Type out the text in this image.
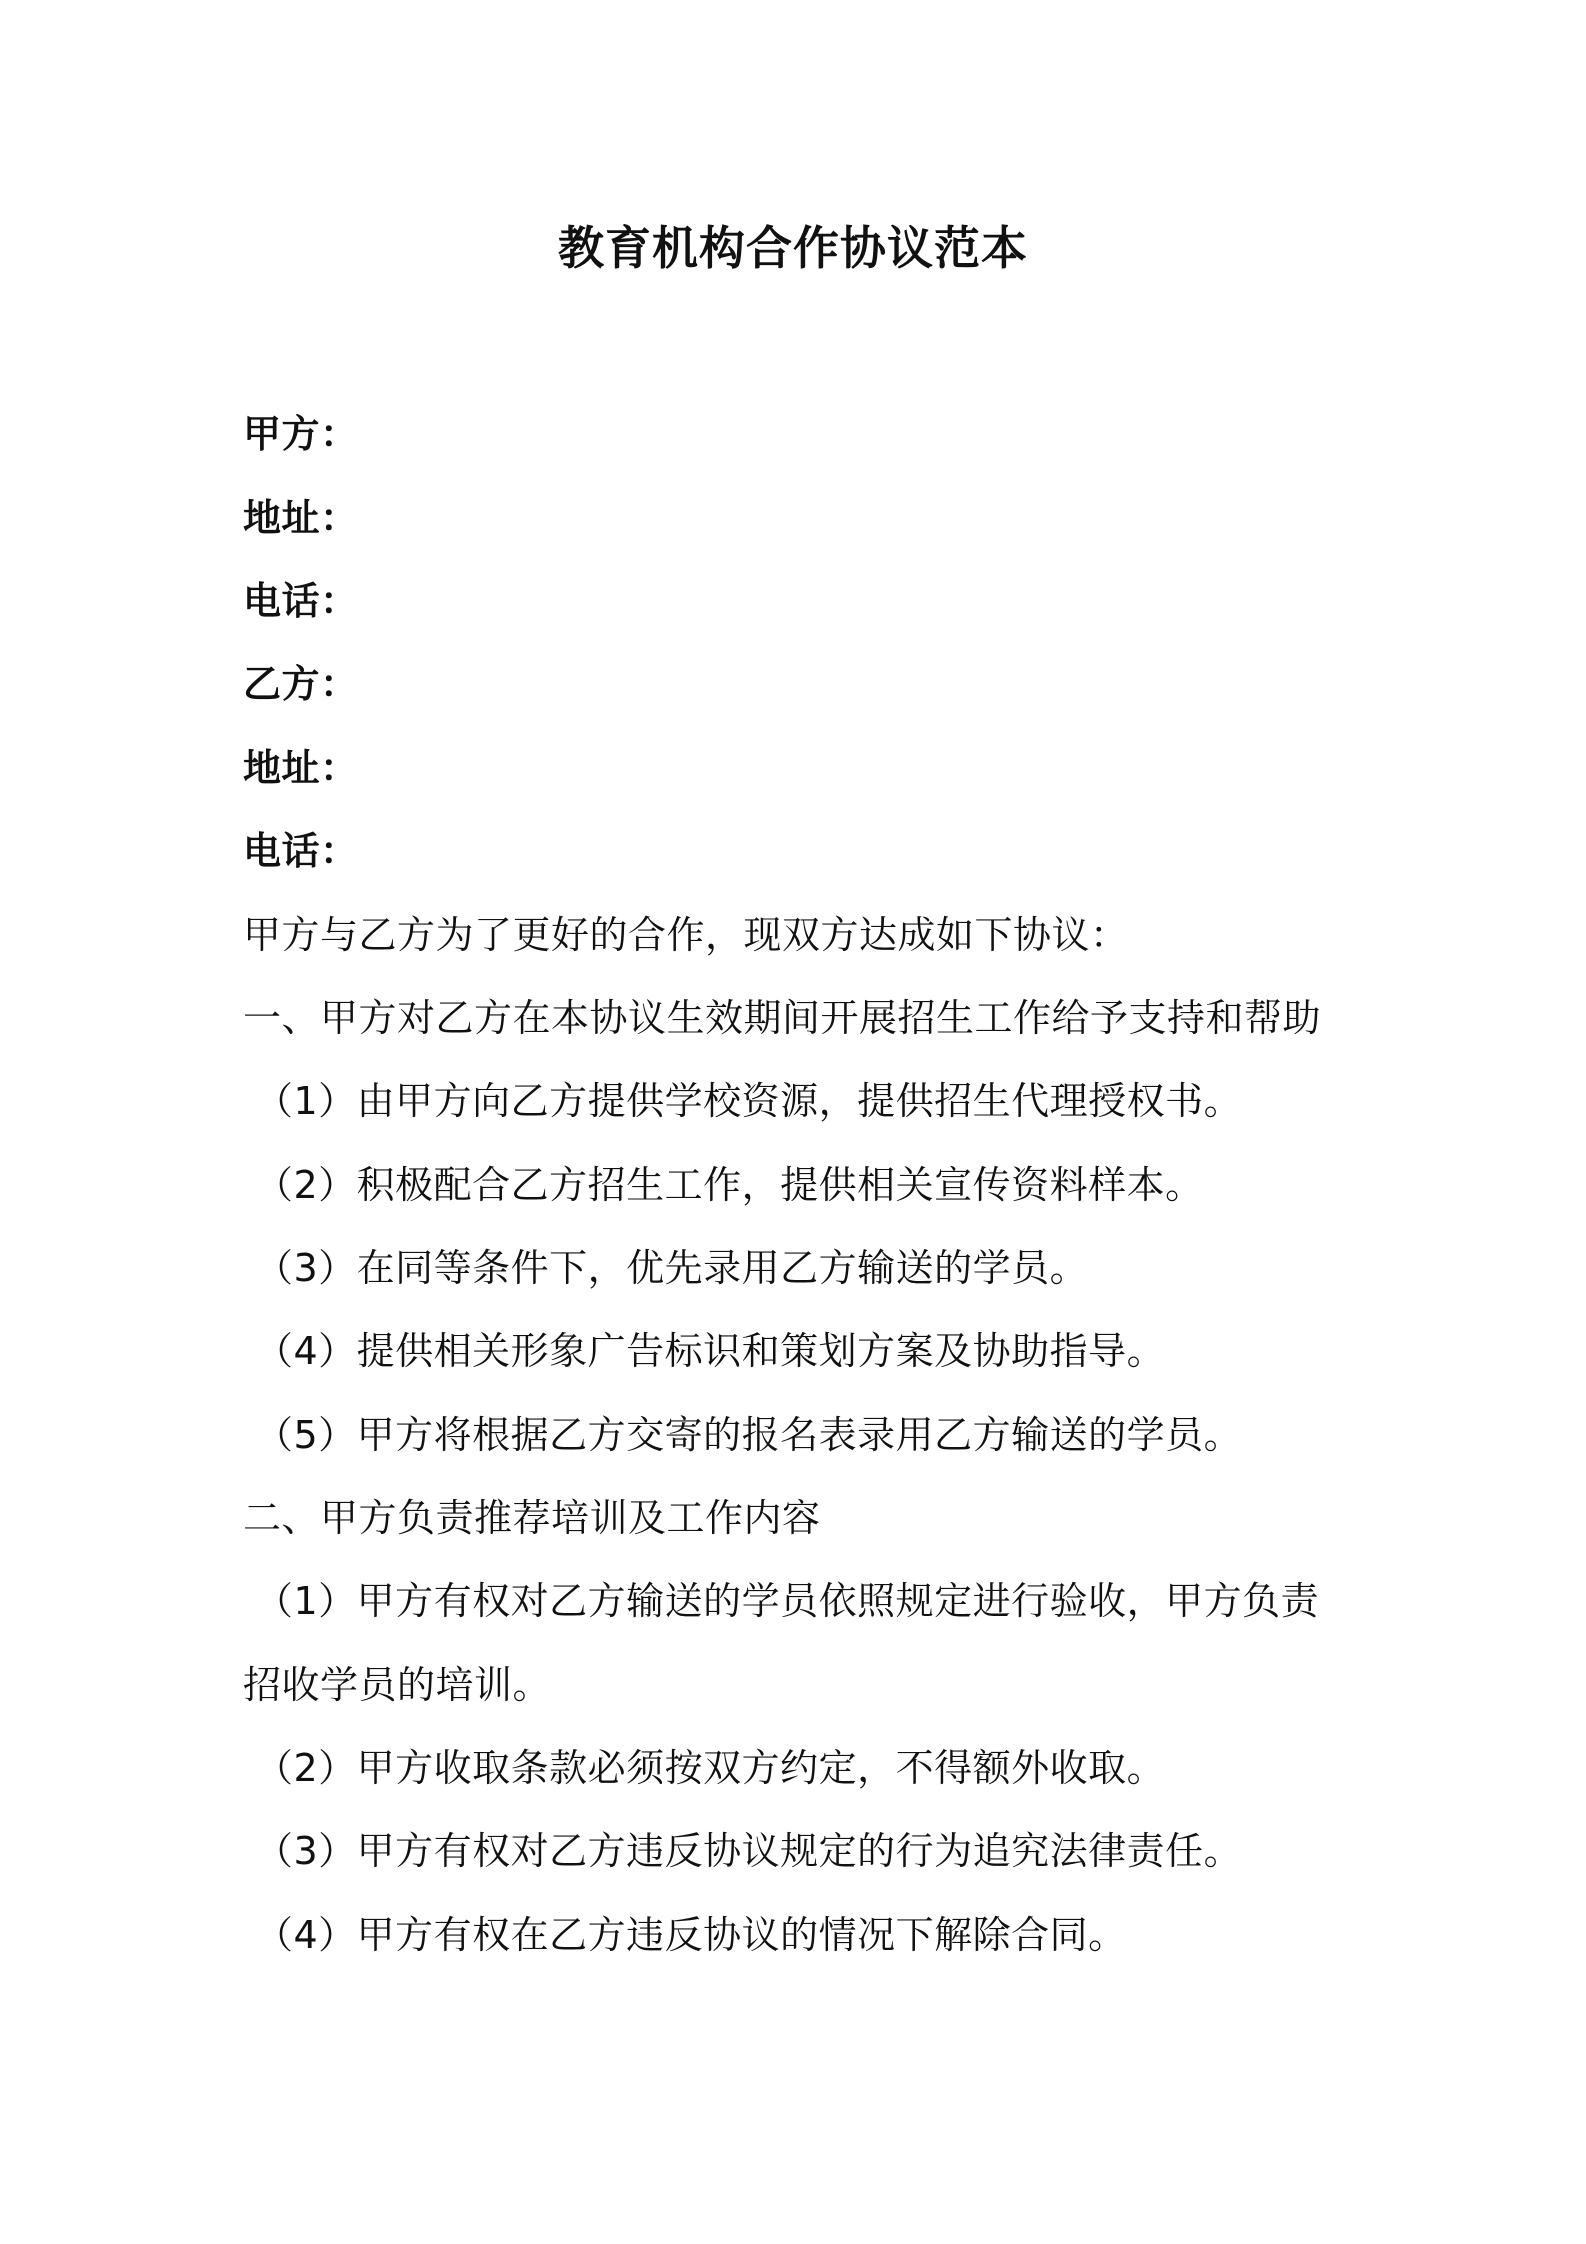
教育机构合作协议范本
甲方：
地址：
电话：
乙方：
地址：
电话：
甲方与乙方为了更好的合作，现双方达成如下协议：
一、甲方对乙方在本协议生效期间开展招生工作给予支持和帮助
（1）由甲方向乙方提供学校资源，提供招生代理授权书。
（2）积极配合乙方招生工作，提供相关宣传资料样本。
（3）在同等条件下，优先录用乙方输送的学员。
（4）提供相关形象广告标识和策划方案及协助指导。
（5）甲方将根据乙方交寄的报名表录用乙方输送的学员。
二、甲方负责推荐培训及工作内容
（1）甲方有权对乙方输送的学员依照规定进行验收，甲方负责
招收学员的培训。
（2）甲方收取条款必须按双方约定，不得额外收取。
（3）甲方有权对乙方违反协议规定的行为追究法律责任。
（4）甲方有权在乙方违反协议的情况下解除合同。
